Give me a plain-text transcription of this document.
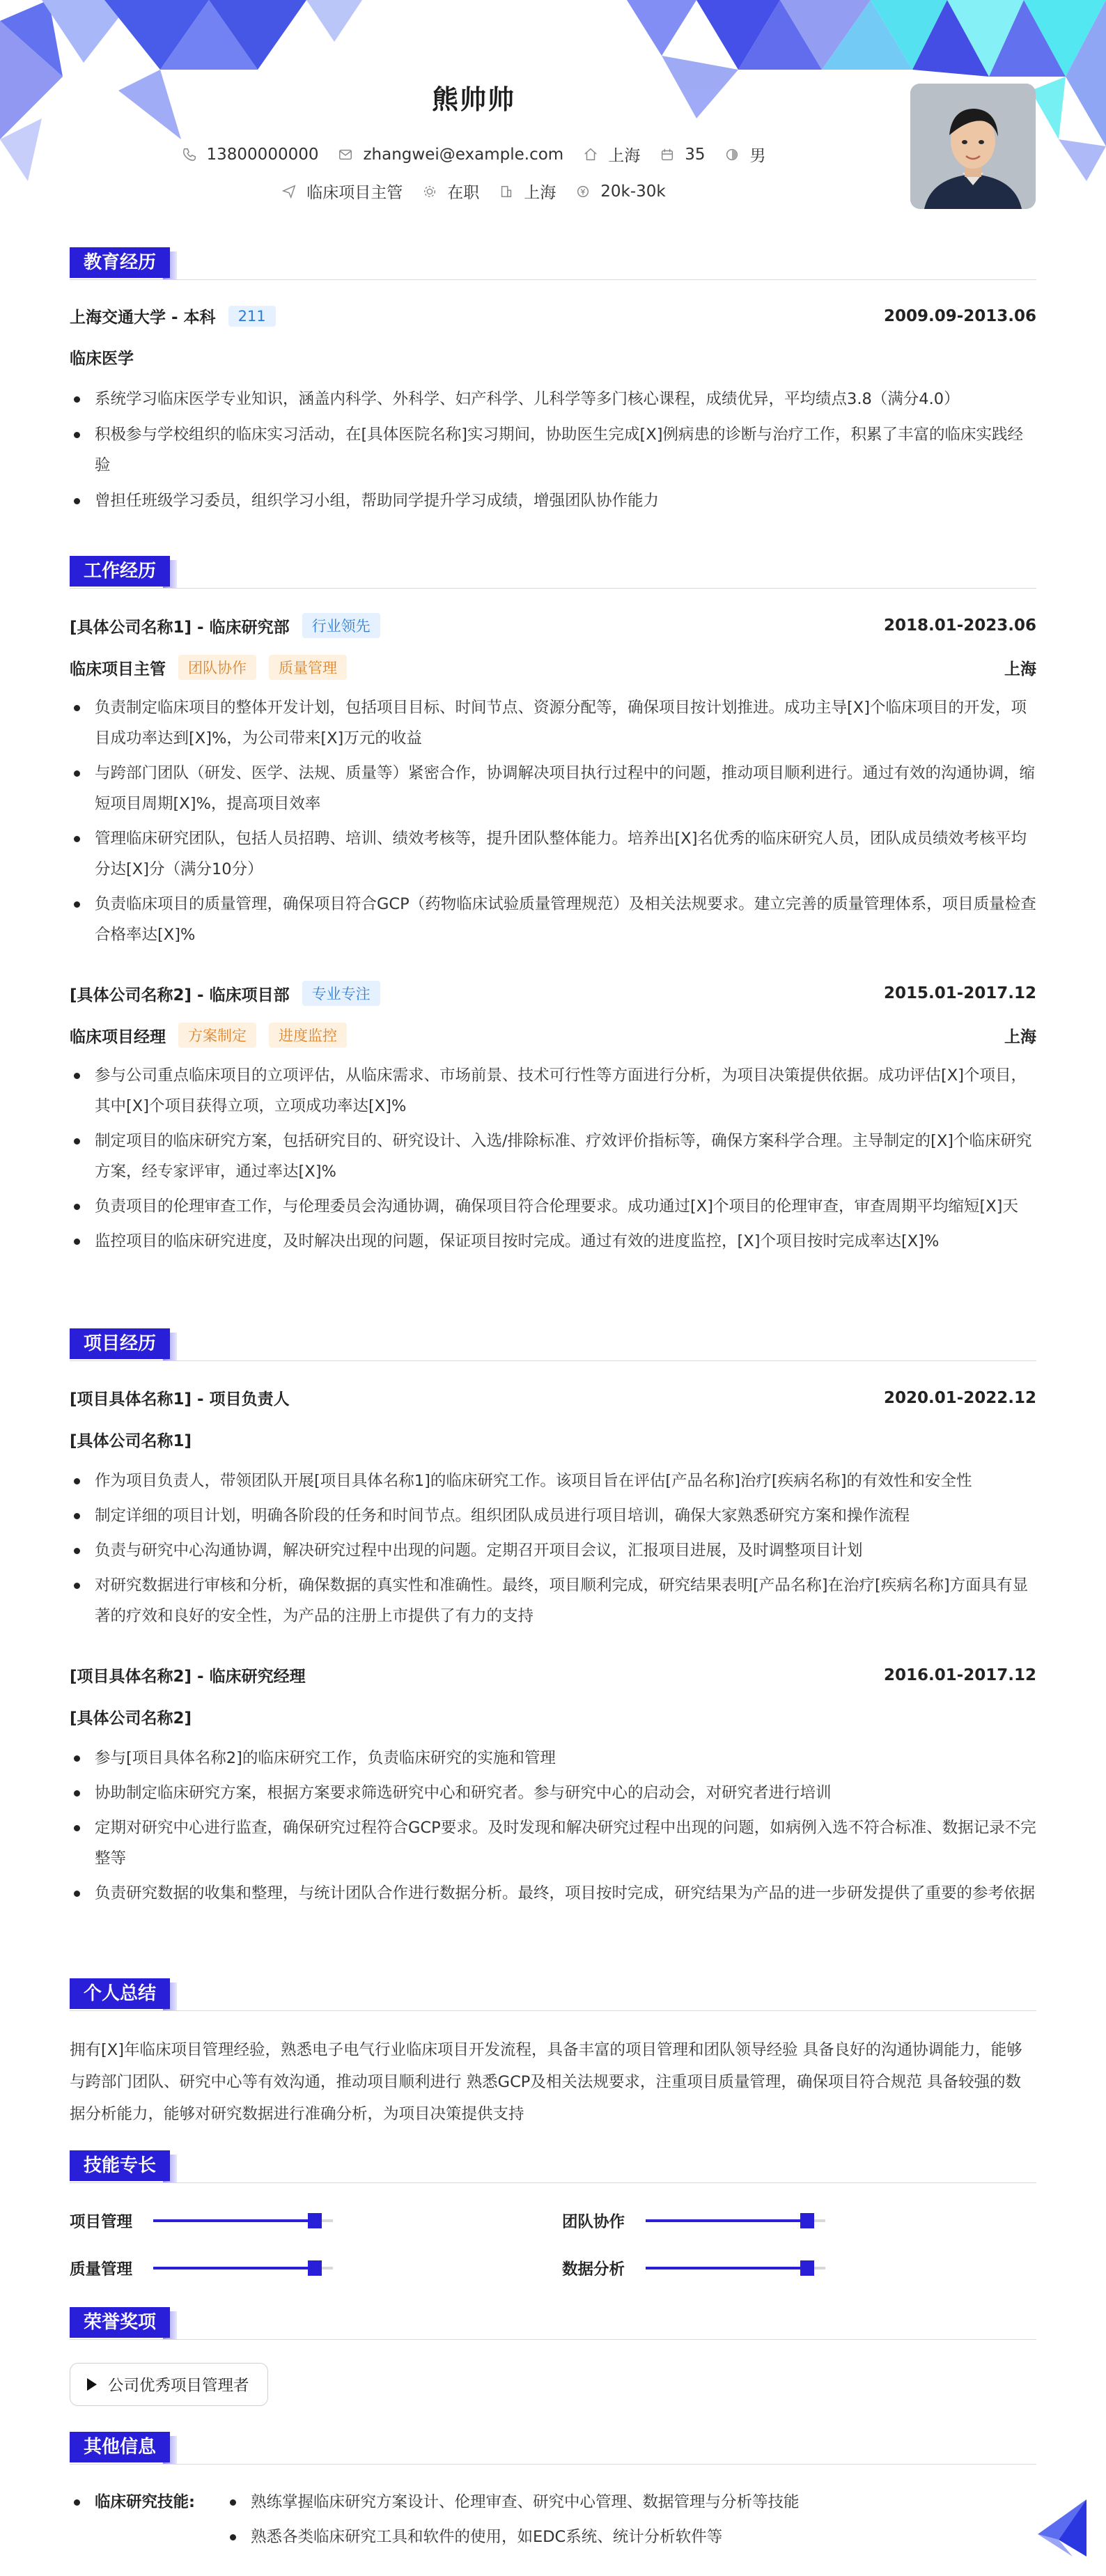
熊帅帅
13800000000	zhangwei@example.com	上海	35	男
临床项目主管	在职	上海	20k-30k
教育经历
上海交通大学 - 本科	211	2009.09-2013.06
临床医学
系统学习临床医学专业知识，涵盖内科学、外科学、妇产科学、儿科学等多门核心课程，成绩优异，平均绩点3.8（满分4.0）
积极参与学校组织的临床实习活动，在[具体医院名称]实习期间，协助医生完成[X]例病患的诊断与治疗工作，积累了丰富的临床实践经验
曾担任班级学习委员，组织学习小组，帮助同学提升学习成绩，增强团队协作能力
工作经历
[具体公司名称1] - 临床研究部	行业领先	2018.01-2023.06
临床项目主管	团队协作	质量管理	上海
负责制定临床项目的整体开发计划，包括项目目标、时间节点、资源分配等，确保项目按计划推进。成功主导[X]个临床项目的开发，项目成功率达到[X]%，为公司带来[X]万元的收益
与跨部门团队（研发、医学、法规、质量等）紧密合作，协调解决项目执行过程中的问题，推动项目顺利进行。通过有效的沟通协调，缩短项目周期[X]%，提高项目效率
管理临床研究团队，包括人员招聘、培训、绩效考核等，提升团队整体能力。培养出[X]名优秀的临床研究人员，团队成员绩效考核平均分达[X]分（满分10分）
负责临床项目的质量管理，确保项目符合GCP（药物临床试验质量管理规范）及相关法规要求。建立完善的质量管理体系，项目质量检查合格率达[X]%
[具体公司名称2] - 临床项目部	专业专注	2015.01-2017.12
临床项目经理	方案制定	进度监控	上海
参与公司重点临床项目的立项评估，从临床需求、市场前景、技术可行性等方面进行分析，为项目决策提供依据。成功评估[X]个项目，其中[X]个项目获得立项，立项成功率达[X]%
制定项目的临床研究方案，包括研究目的、研究设计、入选/排除标准、疗效评价指标等，确保方案科学合理。主导制定的[X]个临床研究方案，经专家评审，通过率达[X]%
负责项目的伦理审查工作，与伦理委员会沟通协调，确保项目符合伦理要求。成功通过[X]个项目的伦理审查，审查周期平均缩短[X]天
监控项目的临床研究进度，及时解决出现的问题，保证项目按时完成。通过有效的进度监控，[X]个项目按时完成率达[X]%
项目经历
[项目具体名称1] - 项目负责人	2020.01-2022.12
[具体公司名称1]
作为项目负责人，带领团队开展[项目具体名称1]的临床研究工作。该项目旨在评估[产品名称]治疗[疾病名称]的有效性和安全性
制定详细的项目计划，明确各阶段的任务和时间节点。组织团队成员进行项目培训，确保大家熟悉研究方案和操作流程
负责与研究中心沟通协调，解决研究过程中出现的问题。定期召开项目会议，汇报项目进展，及时调整项目计划
对研究数据进行审核和分析，确保数据的真实性和准确性。最终，项目顺利完成，研究结果表明[产品名称]在治疗[疾病名称]方面具有显著的疗效和良好的安全性，为产品的注册上市提供了有力的支持
[项目具体名称2] - 临床研究经理	2016.01-2017.12
[具体公司名称2]
参与[项目具体名称2]的临床研究工作，负责临床研究的实施和管理
协助制定临床研究方案，根据方案要求筛选研究中心和研究者。参与研究中心的启动会，对研究者进行培训
定期对研究中心进行监查，确保研究过程符合GCP要求。及时发现和解决研究过程中出现的问题，如病例入选不符合标准、数据记录不完整等
负责研究数据的收集和整理，与统计团队合作进行数据分析。最终，项目按时完成，研究结果为产品的进一步研发提供了重要的参考依据
个人总结
拥有[X]年临床项目管理经验，熟悉电子电气行业临床项目开发流程，具备丰富的项目管理和团队领导经验 具备良好的沟通协调能力，能够与跨部门团队、研究中心等有效沟通，推动项目顺利进行 熟悉GCP及相关法规要求，注重项目质量管理，确保项目符合规范 具备较强的数据分析能力，能够对研究数据进行准确分析，为项目决策提供支持
技能专长
项目管理	团队协作
质量管理	数据分析
荣誉奖项
公司优秀项目管理者
其他信息
临床研究技能:	熟练掌握临床研究方案设计、伦理审查、研究中心管理、数据管理与分析等技能
熟悉各类临床研究工具和软件的使用，如EDC系统、统计分析软件等
